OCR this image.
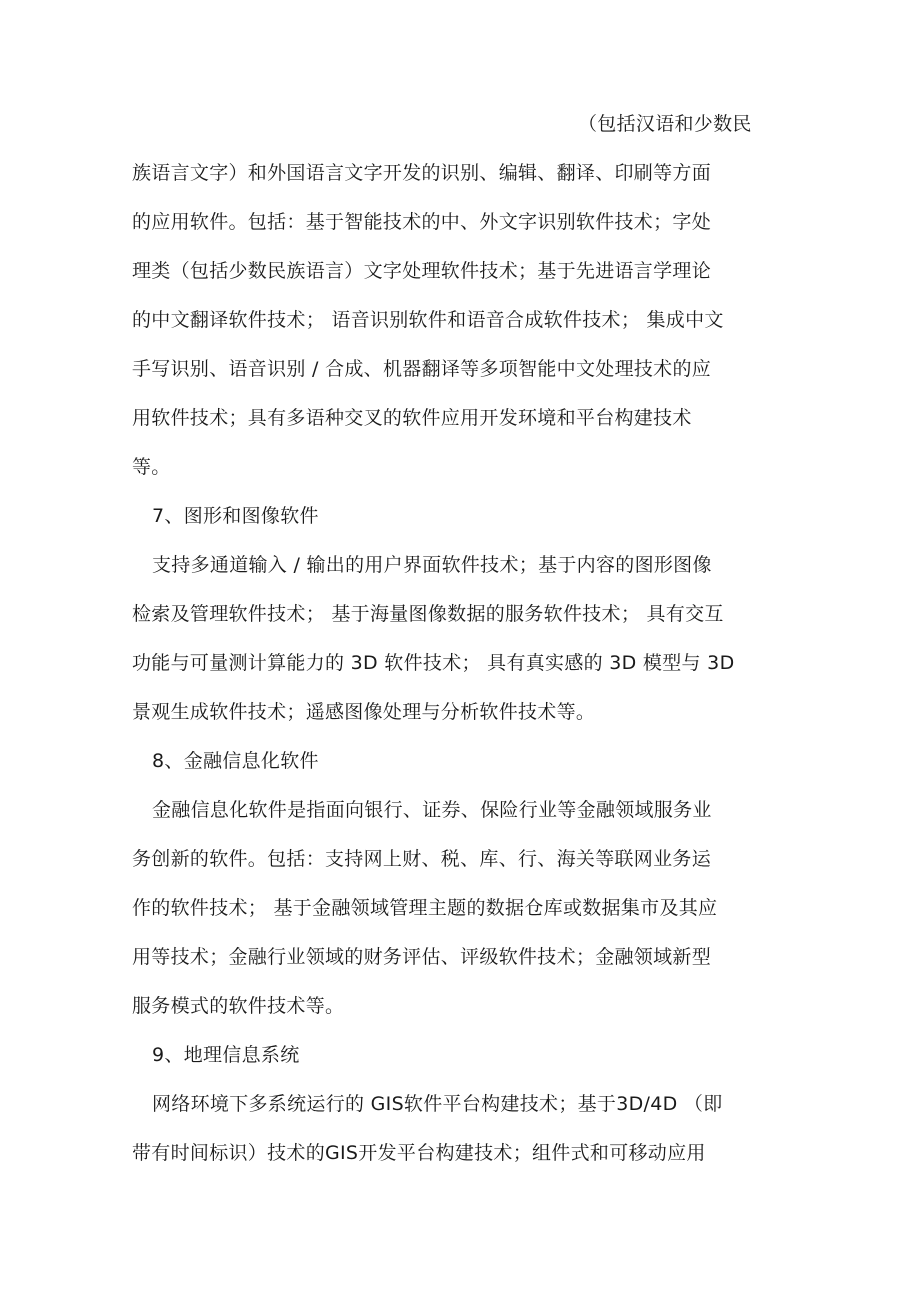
（包括汉语和少数民
族语言文字）和外国语言文字开发的识别、编辑、翻译、印刷等方面
的应用软件。包括：基于智能技术的中、外文字识别软件技术；字处
理类（包括少数民族语言）文字处理软件技术；基于先进语言学理论
的中文翻译软件技术； 语音识别软件和语音合成软件技术； 集成中文
手写识别、语音识别 / 合成、机器翻译等多项智能中文处理技术的应
用软件技术；具有多语种交叉的软件应用开发环境和平台构建技术
等。
7、图形和图像软件
支持多通道输入 / 输出的用户界面软件技术；基于内容的图形图像
检索及管理软件技术； 基于海量图像数据的服务软件技术； 具有交互
功能与可量测计算能力的 3D 软件技术； 具有真实感的 3D 模型与 3D
景观生成软件技术；遥感图像处理与分析软件技术等。
8、金融信息化软件
金融信息化软件是指面向银行、证券、保险行业等金融领域服务业
务创新的软件。包括：支持网上财、税、库、行、海关等联网业务运
作的软件技术； 基于金融领域管理主题的数据仓库或数据集市及其应
用等技术；金融行业领域的财务评估、评级软件技术；金融领域新型
服务模式的软件技术等。
9、地理信息系统
网络环境下多系统运行的 GIS软件平台构建技术；基于3D/4D （即
带有时间标识）技术的GIS开发平台构建技术；组件式和可移动应用
